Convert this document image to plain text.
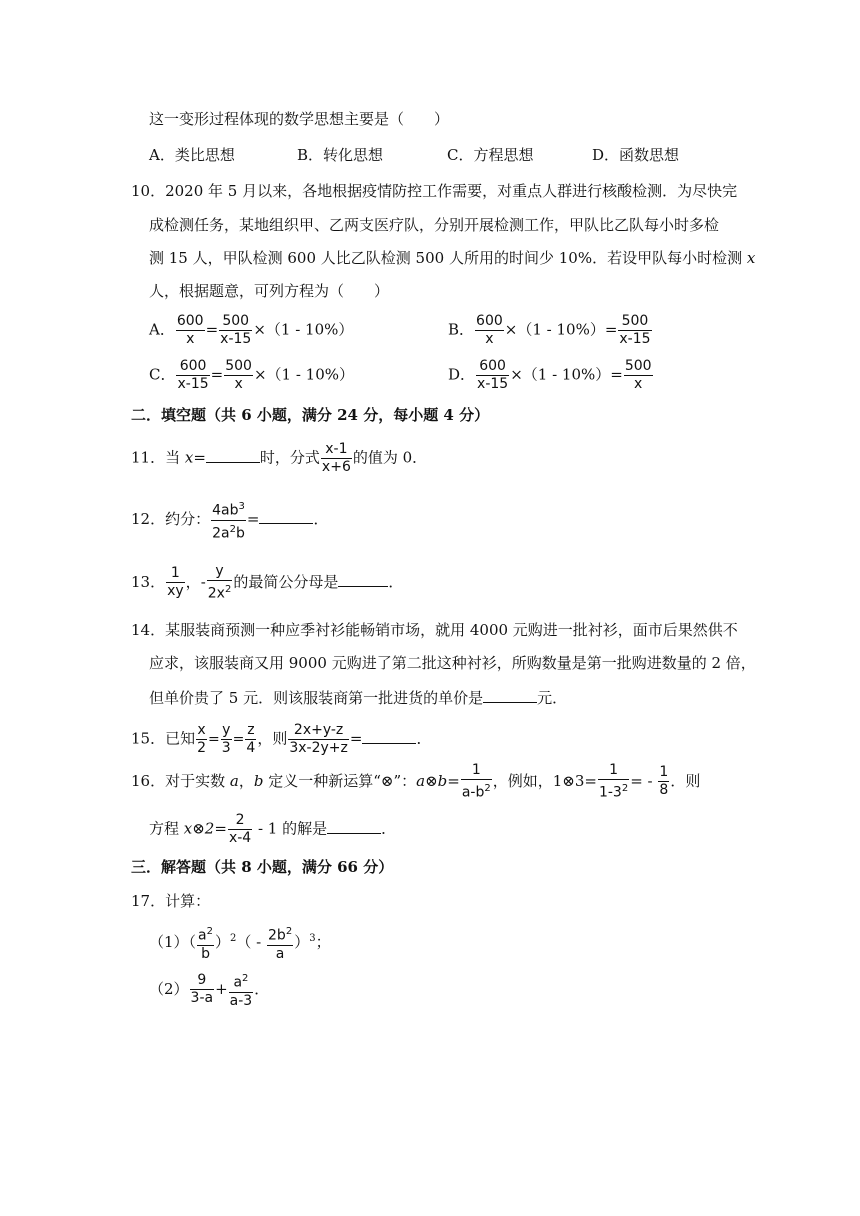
这一变形过程体现的数学思想主要是（　　）
A．类比思想	B．转化思想	C．方程思想	D．函数思想
10．2020 年 5 月以来，各地根据疫情防控工作需要，对重点人群进行核酸检测．为尽快完
成检测任务，某地组织甲、乙两支医疗队，分别开展检测工作，甲队比乙队每小时多检
测 15 人，甲队检测 600 人比乙队检测 500 人所用的时间少 10%．若设甲队每小时检测 x
人，根据题意，可列方程为（　　）
A． $\frac{600}{x} = \frac{500}{x-15} \times(1 - 10\%)$	B． $\frac{600}{x} \times(1 - 10\%)= \frac{500}{x-15}$
C． $\frac{600}{x-15} = \frac{500}{x} \times(1 - 10\%)$	D． $\frac{600}{x-15} \times(1 - 10\%)= \frac{500}{x}$
二．填空题（共 6 小题，满分 24 分，每小题 4 分）
11．当 x=	时，分式 $\frac{x-1}{x+6}$ 的值为 0．
12．约分： $\frac{4ab^3}{2a^2b}$ =	．
13． $\frac{1}{xy}$ ，- $\frac{y}{2x^2}$ 的最简公分母是	．
14．某服装商预测一种应季衬衫能畅销市场，就用 4000 元购进一批衬衫，面市后果然供不
应求，该服装商又用 9000 元购进了第二批这种衬衫，所购数量是第一批购进数量的 2 倍，
但单价贵了 5 元．则该服装商第一批进货的单价是	元．
15．已知 $\frac{x}{2} = \frac{y}{3} = \frac{z}{4}$ ，则 $\frac{2x+y-z}{3x-2y+z}$ =	．
16．对于实数 a，b 定义一种新运算“⊗”：a⊗b= $\frac{1}{a-b^2}$ ，例如，1⊗3= $\frac{1}{1-3^2}$ = - $\frac{1}{8}$ ．则
方程 x⊗2= $\frac{2}{x-4} - 1$ 的解是	．
三．解答题（共 8 小题，满分 66 分）
17．计算：
$(1)( \frac{a^2}{b} )^2( - \frac{2b^2}{a} )^3$；
$(2) \frac{9}{3-a} + \frac{a^2}{a-3}$ ．
